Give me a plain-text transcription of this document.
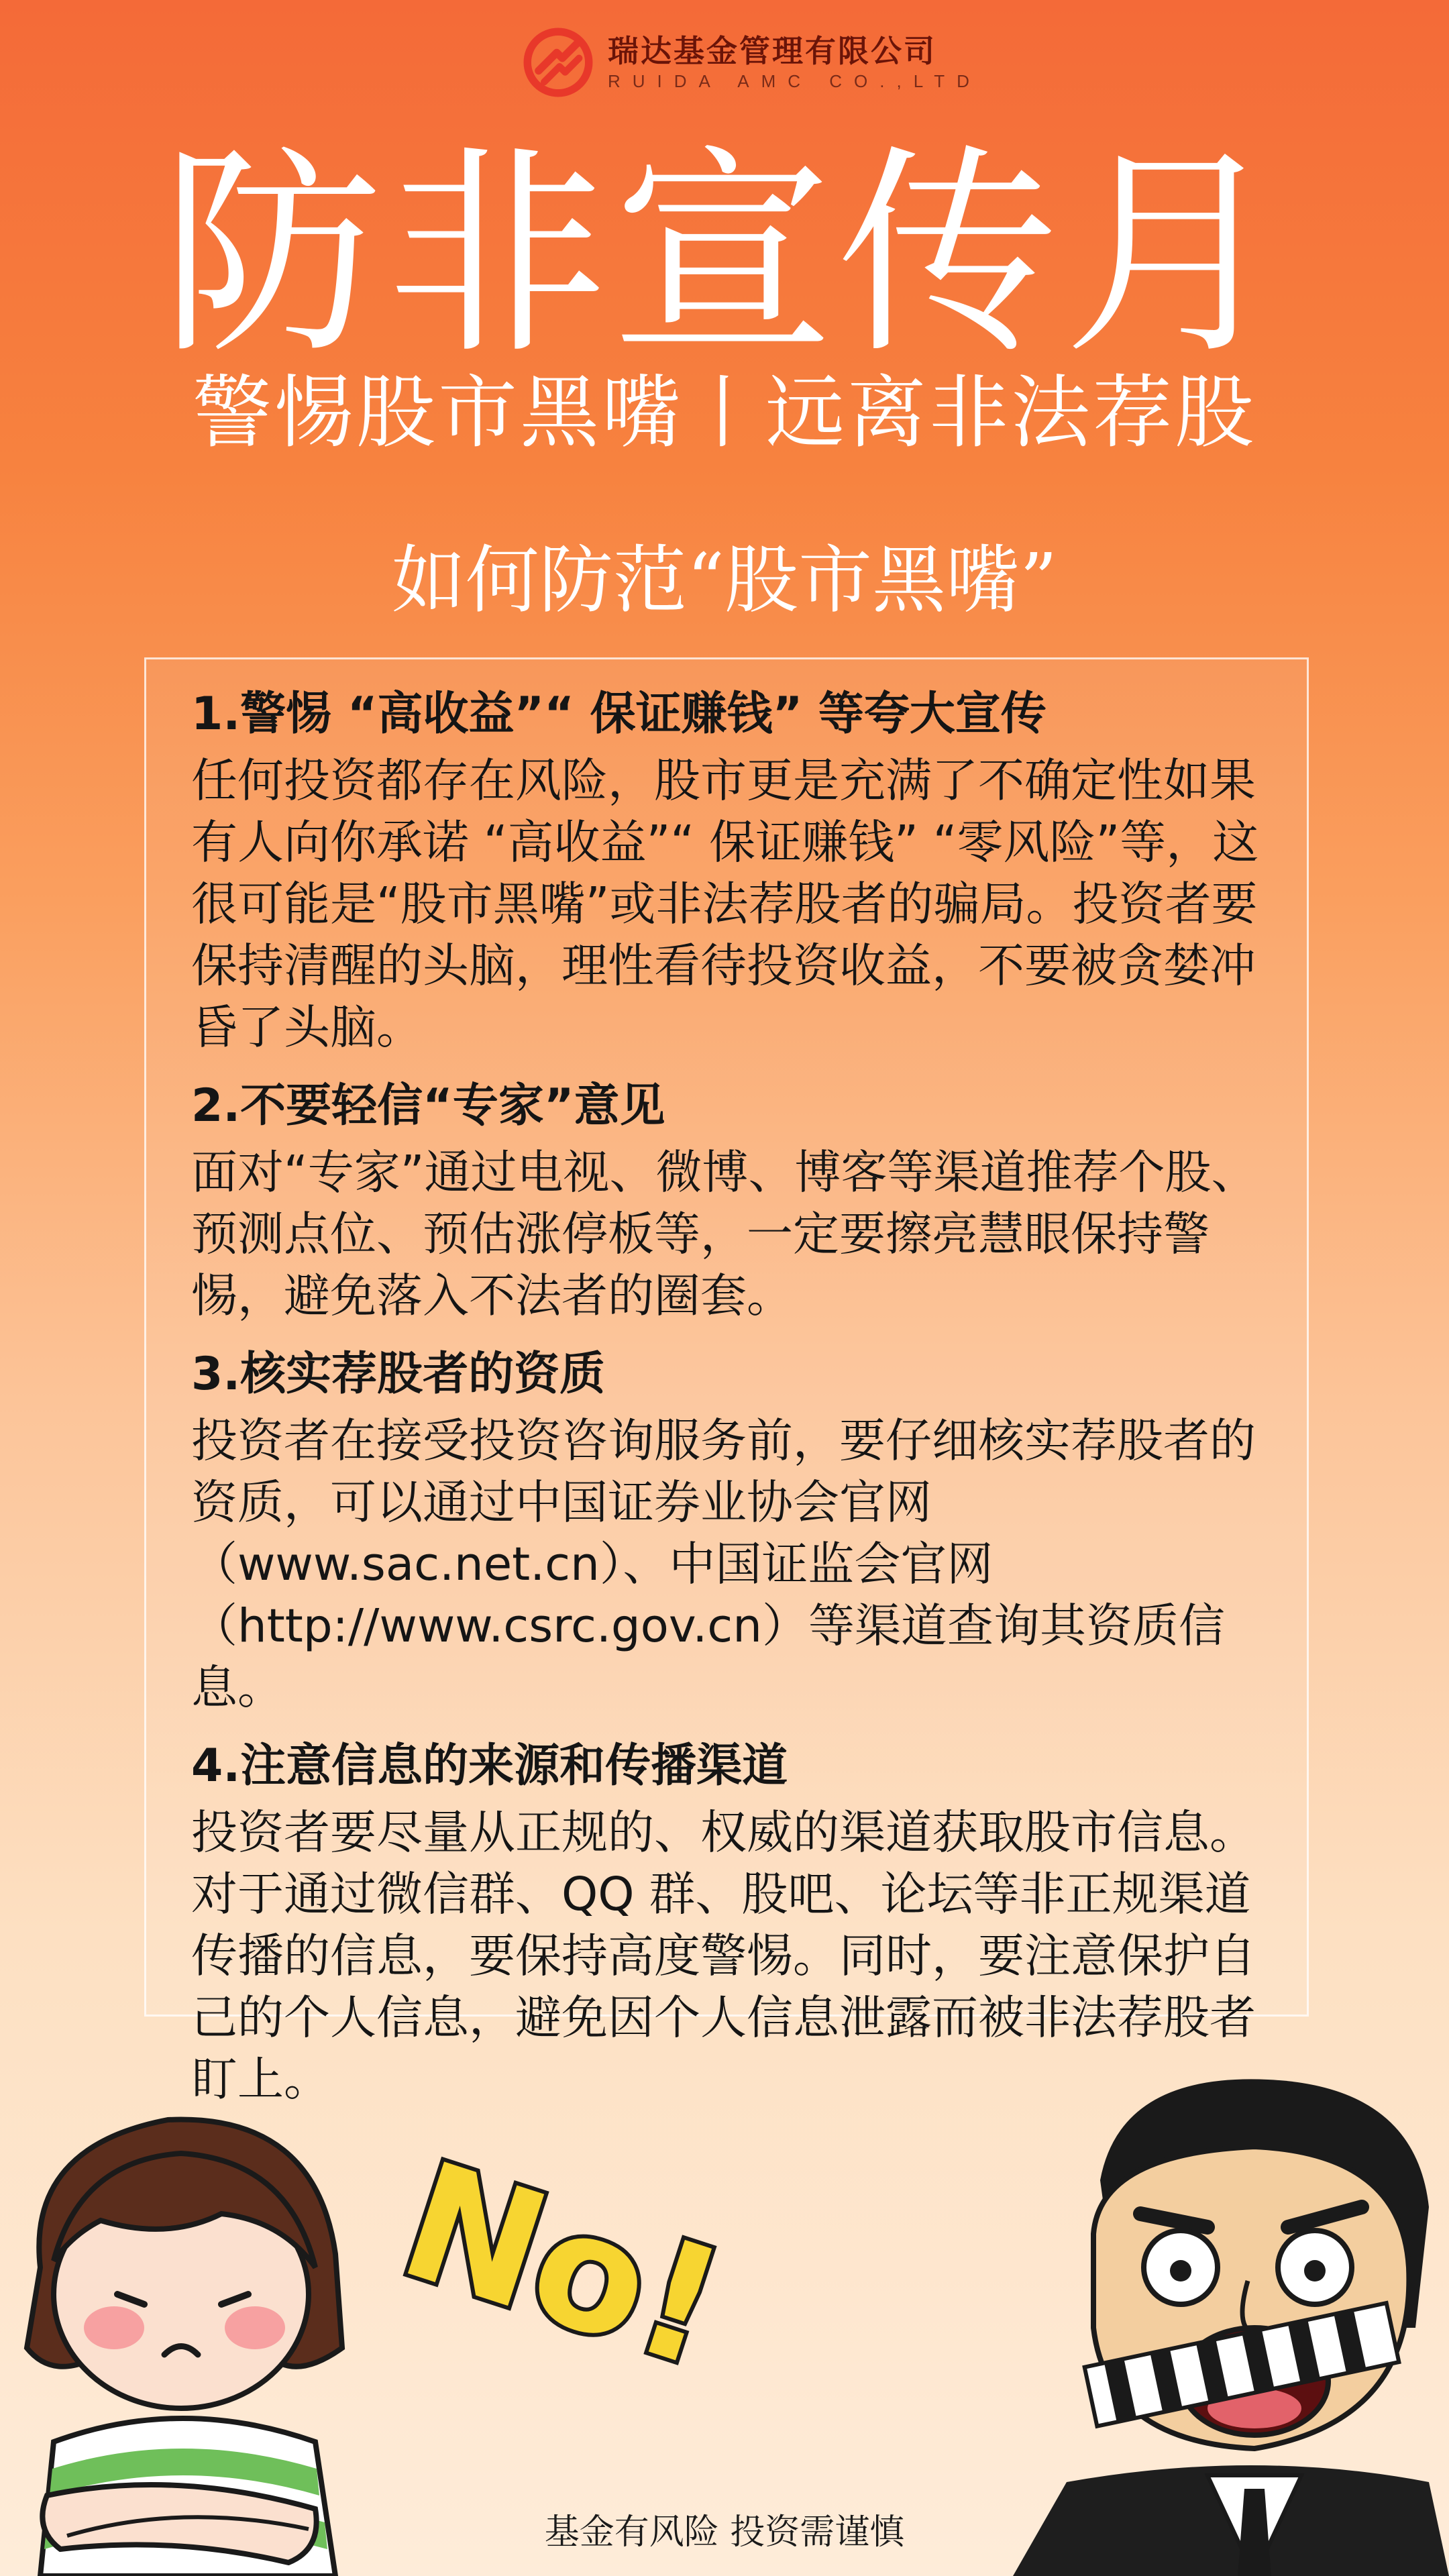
瑞达基金管理有限公司
RUIDA AMC CO.,LTD
防非宣传月
警惕股市黑嘴丨远离非法荐股
如何防范“股市黑嘴”
1.警惕 “高收益”“ 保证赚钱” 等夸大宣传

任何投资都存在风险，股市更是充满了不确定性如果有人向你承诺 “高收益”“ 保证赚钱” “零风险”等，这很可能是“股市黑嘴”或非法荐股者的骗局。投资者要保持清醒的头脑，理性看待投资收益，不要被贪婪冲昏了头脑。

2.不要轻信“专家”意见

面对“专家”通过电视、微博、博客等渠道推荐个股、预测点位、预估涨停板等，一定要擦亮慧眼保持警惕，避免落入不法者的圈套。

3.核实荐股者的资质

投资者在接受投资咨询服务前，要仔细核实荐股者的资质，可以通过中国证券业协会官网（www.sac.net.cn）、中国证监会官网（http://www.csrc.gov.cn）等渠道查询其资质信息。

4.注意信息的来源和传播渠道

投资者要尽量从正规的、权威的渠道获取股市信息。对于通过微信群、QQ 群、股吧、论坛等非正规渠道传播的信息，要保持高度警惕。同时，要注意保护自己的个人信息，避免因个人信息泄露而被非法荐股者盯上。

No!
基金有风险 投资需谨慎
